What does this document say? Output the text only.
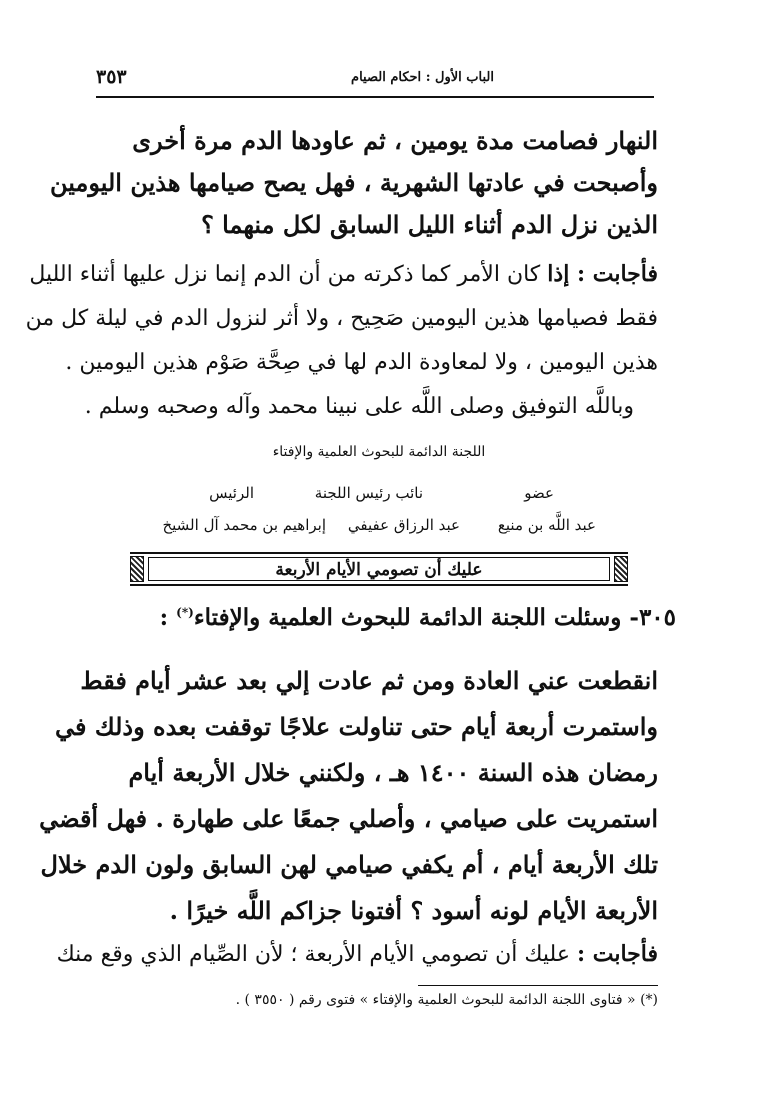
الباب الأول : احكام الصيام
٣٥٣
النهار فصامت مدة يومين ، ثم عاودها الدم مرة أخرى
وأصبحت في عادتها الشهرية ، فهل يصح صيامها هذين اليومين
الذين نزل الدم أثناء الليل السابق لكل منهما ؟
فأجابت : إذا كان الأمر كما ذكرته من أن الدم إنما نزل عليها أثناء الليل
فقط فصيامها هذين اليومين صَحِيح ، ولا أثر لنزول الدم في ليلة كل من
هذين اليومين ، ولا لمعاودة الدم لها في صِحَّة صَوْم هذين اليومين .
وباللَّه التوفيق وصلى اللَّه على نبينا محمد وآله وصحبه وسلم .
اللجنة الدائمة للبحوث العلمية والإفتاء
عضو
نائب رئيس اللجنة
الرئيس
عبد اللَّه بن منيع
عبد الرزاق عفيفي
إبراهيم بن محمد آل الشيخ
عليك أن تصومي الأيام الأربعة
٣٠٥- وسئلت اللجنة الدائمة للبحوث العلمية والإفتاء(*) :
انقطعت عني العادة ومن ثم عادت إلي بعد عشر أيام فقط
واستمرت أربعة أيام حتى تناولت علاجًا توقفت بعده وذلك في
رمضان هذه السنة ١٤٠٠ هـ ، ولكنني خلال الأربعة أيام
استمريت على صيامي ، وأصلي جمعًا على طهارة . فهل أقضي
تلك الأربعة أيام ، أم يكفي صيامي لهن السابق ولون الدم خلال
الأربعة الأيام لونه أسود ؟ أفتونا جزاكم اللَّه خيرًا .
فأجابت : عليك أن تصومي الأيام الأربعة ؛ لأن الصِّيام الذي وقع منك
(*) « فتاوى اللجنة الدائمة للبحوث العلمية والإفتاء » فتوى رقم ( ٣٥٥٠ ) .
